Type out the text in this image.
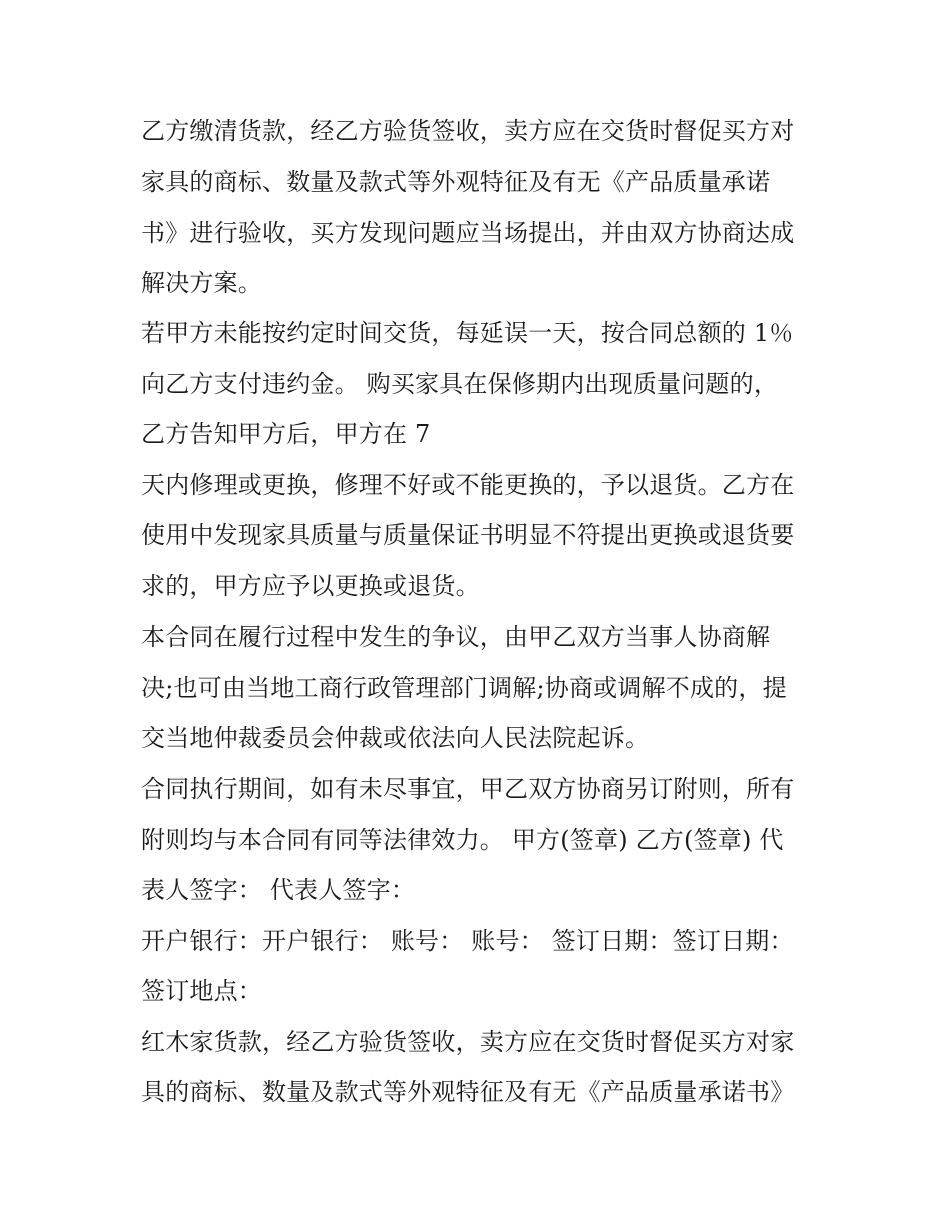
乙方缴清货款，经乙方验货签收，卖方应在交货时督促买方对

家具的商标、数量及款式等外观特征及有无《产品质量承诺

书》进行验收，买方发现问题应当场提出，并由双方协商达成

解决方案。

若甲方未能按约定时间交货，每延误一天，按合同总额的 1％

向乙方支付违约金。 购买家具在保修期内出现质量问题的，

乙方告知甲方后，甲方在 7

天内修理或更换，修理不好或不能更换的，予以退货。乙方在

使用中发现家具质量与质量保证书明显不符提出更换或退货要

求的，甲方应予以更换或退货。

本合同在履行过程中发生的争议，由甲乙双方当事人协商解

决;也可由当地工商行政管理部门调解;协商或调解不成的，提

交当地仲裁委员会仲裁或依法向人民法院起诉。

合同执行期间，如有未尽事宜，甲乙双方协商另订附则，所有

附则均与本合同有同等法律效力。 甲方(签章) 乙方(签章) 代

表人签字： 代表人签字：

开户银行：开户银行： 账号： 账号： 签订日期：签订日期：

签订地点：

红木家货款，经乙方验货签收，卖方应在交货时督促买方对家

具的商标、数量及款式等外观特征及有无《产品质量承诺书》
